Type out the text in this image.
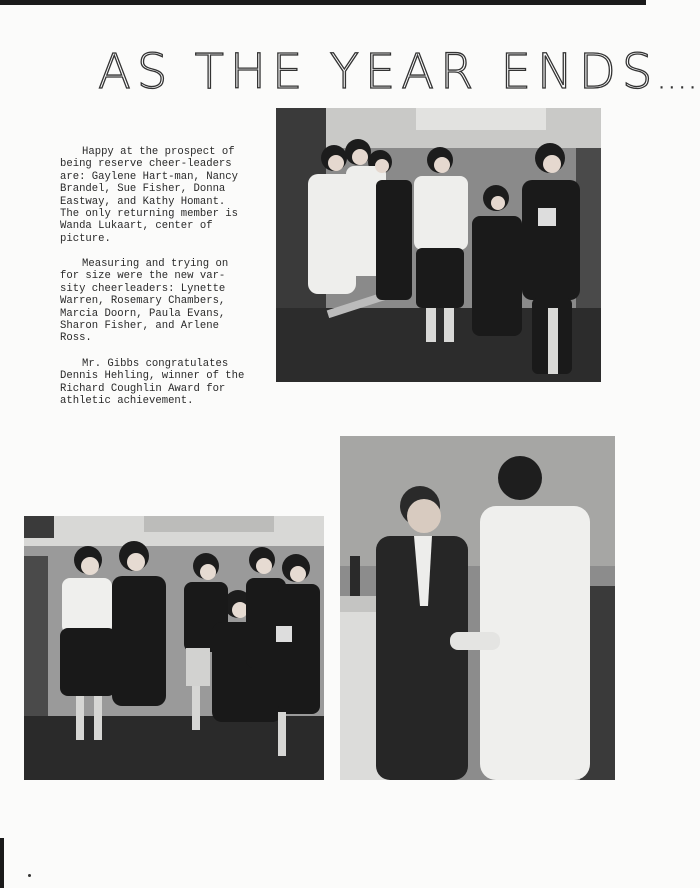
AS THE YEAR ENDS....

Happy at the prospect of being reserve cheer-leaders are: Gaylene Hart-man, Nancy Brandel, Sue Fisher, Donna Eastway, and Kathy Homant. The only returning member is Wanda Lukaart, center of picture.

Measuring and trying on for size were the new var-sity cheerleaders: Lynette Warren, Rosemary Chambers, Marcia Doorn, Paula Evans, Sharon Fisher, and Arlene Ross.

Mr. Gibbs congratulates Dennis Hehling, winner of the Richard Coughlin Award for athletic achievement.
